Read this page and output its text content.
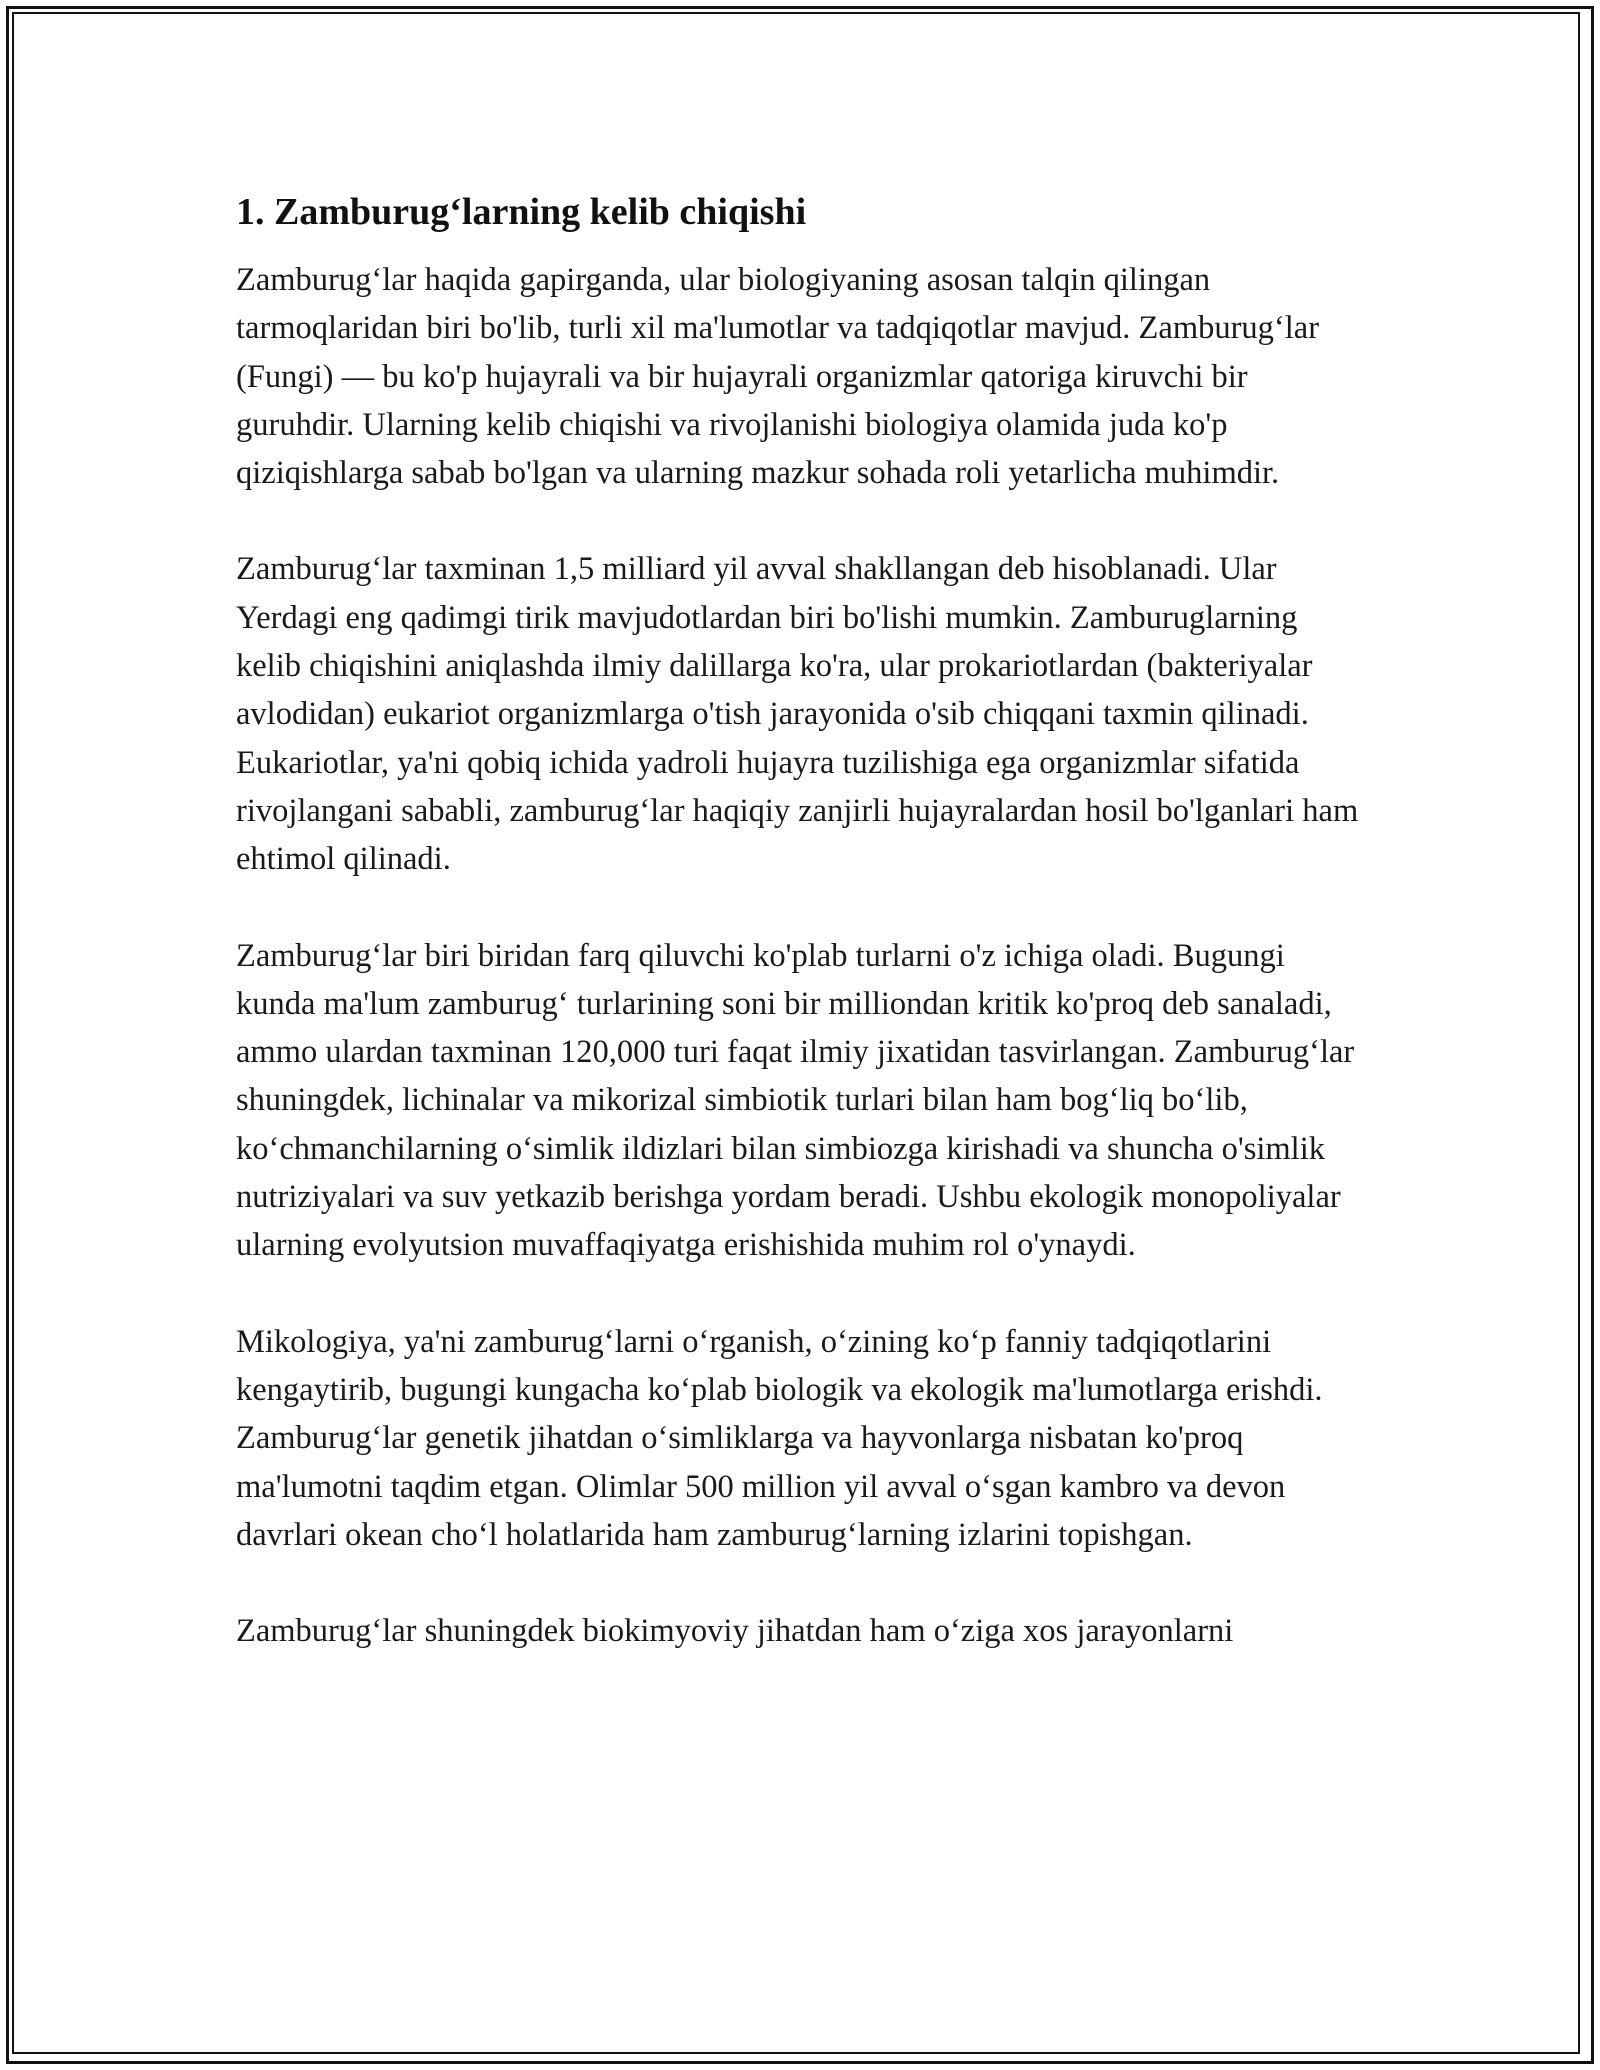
1. Zamburug‘larning kelib chiqishi

Zamburug‘lar haqida gapirganda, ular biologiyaning asosan talqin qilingan tarmoqlaridan biri bo'lib, turli xil ma'lumotlar va tadqiqotlar mavjud. Zamburug‘lar (Fungi) — bu ko'p hujayrali va bir hujayrali organizmlar qatoriga kiruvchi bir guruhdir. Ularning kelib chiqishi va rivojlanishi biologiya olamida juda ko'p qiziqishlarga sabab bo'lgan va ularning mazkur sohada roli yetarlicha muhimdir.

Zamburug‘lar taxminan 1,5 milliard yil avval shakllangan deb hisoblanadi. Ular Yerdagi eng qadimgi tirik mavjudotlardan biri bo'lishi mumkin. Zamburuglarning kelib chiqishini aniqlashda ilmiy dalillarga ko'ra, ular prokariotlardan (bakteriyalar avlodidan) eukariot organizmlarga o'tish jarayonida o'sib chiqqani taxmin qilinadi. Eukariotlar, ya'ni qobiq ichida yadroli hujayra tuzilishiga ega organizmlar sifatida rivojlangani sababli, zamburug‘lar haqiqiy zanjirli hujayralardan hosil bo'lganlari ham ehtimol qilinadi.

Zamburug‘lar biri biridan farq qiluvchi ko'plab turlarni o'z ichiga oladi. Bugungi kunda ma'lum zamburug‘ turlarining soni bir milliondan kritik ko'proq deb sanaladi, ammo ulardan taxminan 120,000 turi faqat ilmiy jixatidan tasvirlangan. Zamburug‘lar shuningdek, lichinalar va mikorizal simbiotik turlari bilan ham bog‘liq bo‘lib, ko‘chmanchilarning o‘simlik ildizlari bilan simbiozga kirishadi va shuncha o'simlik nutriziyalari va suv yetkazib berishga yordam beradi. Ushbu ekologik monopoliyalar ularning evolyutsion muvaffaqiyatga erishishida muhim rol o'ynaydi.

Mikologiya, ya'ni zamburug‘larni o‘rganish, o‘zining ko‘p fanniy tadqiqotlarini kengaytirib, bugungi kungacha ko‘plab biologik va ekologik ma'lumotlarga erishdi. Zamburug‘lar genetik jihatdan o‘simliklarga va hayvonlarga nisbatan ko'proq ma'lumotni taqdim etgan. Olimlar 500 million yil avval o‘sgan kambro va devon davrlari okean cho‘l holatlarida ham zamburug‘larning izlarini topishgan.

Zamburug‘lar shuningdek biokimyoviy jihatdan ham o‘ziga xos jarayonlarni
